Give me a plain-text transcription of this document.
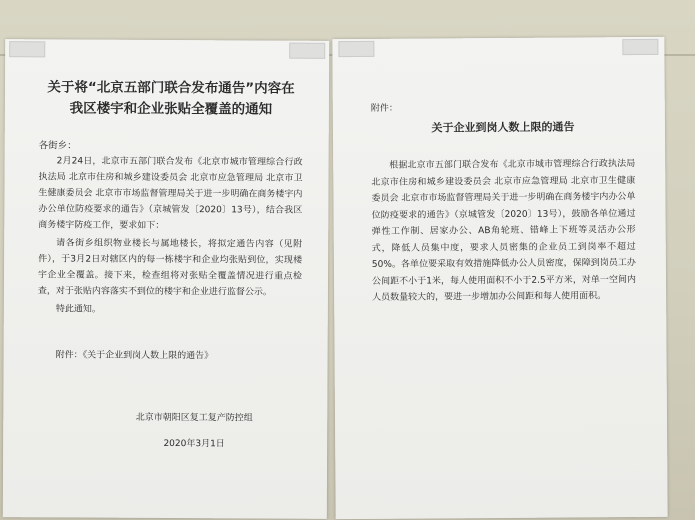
关于将“北京五部门联合发布通告”内容在

我区楼宇和企业张贴全覆盖的通知

各街乡：

2月24日，北京市五部门联合发布《北京市城市管理综合行政执法局 北京市住房和城乡建设委员会 北京市应急管理局 北京市卫生健康委员会 北京市市场监督管理局关于进一步明确在商务楼宇内办公单位防疫要求的通告》（京城管发〔2020〕13号），结合我区商务楼宇防疫工作，要求如下：

请各街乡组织物业楼长与属地楼长，将拟定通告内容（见附件），于3月2日对辖区内的每一栋楼宇和企业均张贴到位，实现楼宇企业全覆盖。接下来，检查组将对张贴全覆盖情况进行重点检查，对于张贴内容落实不到位的楼宇和企业进行监督公示。

特此通知。

附件：《关于企业到岗人数上限的通告》
北京市朝阳区复工复产防控组
2020年3月1日

附件：

关于企业到岗人数上限的通告

根据北京市五部门联合发布《北京市城市管理综合行政执法局 北京市住房和城乡建设委员会 北京市应急管理局 北京市卫生健康委员会 北京市市场监督管理局关于进一步明确在商务楼宇内办公单位防疫要求的通告》（京城管发〔2020〕13号），鼓励各单位通过弹性工作制、居家办公、AB角轮班、错峰上下班等灵活办公形式，降低人员集中度，要求人员密集的企业员工到岗率不超过50%。各单位要采取有效措施降低办公人员密度，保障到岗员工办公间距不小于1米，每人使用面积不小于2.5平方米，对单一空间内人员数量较大的，要进一步增加办公间距和每人使用面积。
